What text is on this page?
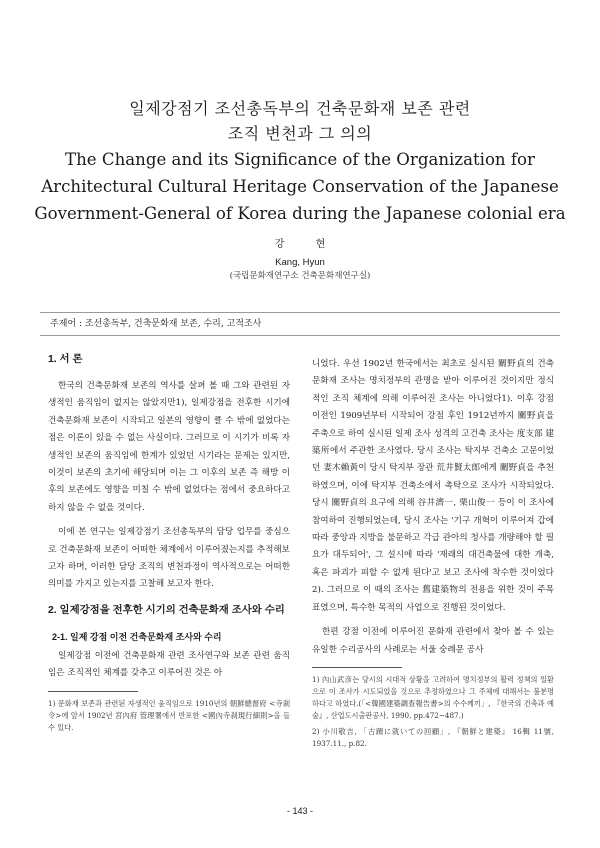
일제강점기 조선총독부의 건축문화재 보존 관련
조직 변천과 그 의의
The Change and its Significance of the Organization for
Architectural Cultural Heritage Conservation of the Japanese
Government-General of Korea during the Japanese colonial era
강 현
Kang, Hyun
(국립문화재연구소 건축문화재연구실)
주제어 : 조선총독부, 건축문화재 보존, 수리, 고적조사
1. 서 론

한국의 건축문화재 보존의 역사를 살펴 볼 때 그와 관련된 자생적인 움직임이 없지는 않았지만1), 일제강점을 전후한 시기에 건축문화재 보존이 시작되고 일본의 영향이 클 수 밖에 없었다는 점은 이론이 있을 수 없는 사실이다. 그러므로 이 시기가 비록 자생적인 보존의 움직임에 한계가 있었던 시기라는 문제는 있지만, 이것이 보존의 초기에 해당되며 이는 그 이후의 보존 즉 해방 이후의 보존에도 영향을 미칠 수 밖에 없었다는 점에서 중요하다고 하지 않을 수 없을 것이다.

이에 본 연구는 일제강점기 조선총독부의 담당 업무를 중심으로 건축문화재 보존이 어떠한 체계에서 이루어졌는지를 추적해보고자 하며, 이러한 담당 조직의 변천과정이 역사적으로는 어떠한 의미를 가지고 있는지를 고찰해 보고자 한다.

2. 일제강점을 전후한 시기의 건축문화재 조사와 수리
2-1. 일제 강점 이전 건축문화재 조사와 수리

일제강점 이전에 건축문화재 관련 조사연구와 보존 관련 움직임은 조직적인 체계를 갖추고 이루어진 것은 아

1) 문화재 보존과 관련된 자생적인 움직임으로 1910년의 朝鮮總督府 <寺刹令>에 앞서 1902년 宮內府 管理署에서 반포한 <國內寺刹現行細則>을 들 수 있다.

니었다. 우선 1902년 한국에서는 최초로 실시된 關野貞의 건축문화재 조사는 명치정부의 관명을 받아 이루어진 것이지만 정식적인 조직 체계에 의해 이루어진 조사는 아니었다1). 이후 강점 이전인 1909년부터 시작되어 강점 후인 1912년까지 關野貞을 주축으로 하여 실시된 일제 조사 성격의 고건축 조사는 度支部 建築所에서 주관한 조사였다. 당시 조사는 탁지부 건축소 고문이었던 妻木賴黃이 당시 탁지부 장관 荒井賢太郎에게 關野貞을 추천하였으며, 이에 탁지부 건축소에서 촉탁으로 조사가 시작되었다. 당시 關野貞의 요구에 의해 谷井濟一, 栗山俊一 등이 이 조사에 참여하여 진행되었는데, 당시 조사는 '기구 개혁이 이루어져 갑에 따라 중앙과 지방을 불문하고 각급 관아의 청사를 개량해야 할 필요가 대두되어', 그 설시에 따라 '재래의 대건축물에 대한 개축, 혹은 파괴가 피할 수 없게 된다'고 보고 조사에 착수한 것이었다2). 그러므로 이 때의 조사는 舊建築物의 전용을 위한 것이 주목표였으며, 특수한 목적의 사업으로 진행된 것이었다.

한편 강점 이전에 이루어진 문화재 관련에서 찾아 볼 수 있는 유일한 수리공사의 사례로는 서울 숭례문 공사

1) 內山武彦는 당시의 시대적 상황을 고려하여 명치정부의 활력 정책의 일환으로 이 조사가 시도되었을 것으로 추정하였으나 그 주체에 대해서는 불분명하다고 하였다.(「<韓國建築調查報告書>의 수수께끼」, 『한국의 건축과 예술』, 산업도시출판공사, 1990, pp.472~487.)
2) 小川敬吉, 「古蹟に就いての回顧」, 『朝鮮と建築』 16輯 11號, 1937.11., p.82.
- 143 -
